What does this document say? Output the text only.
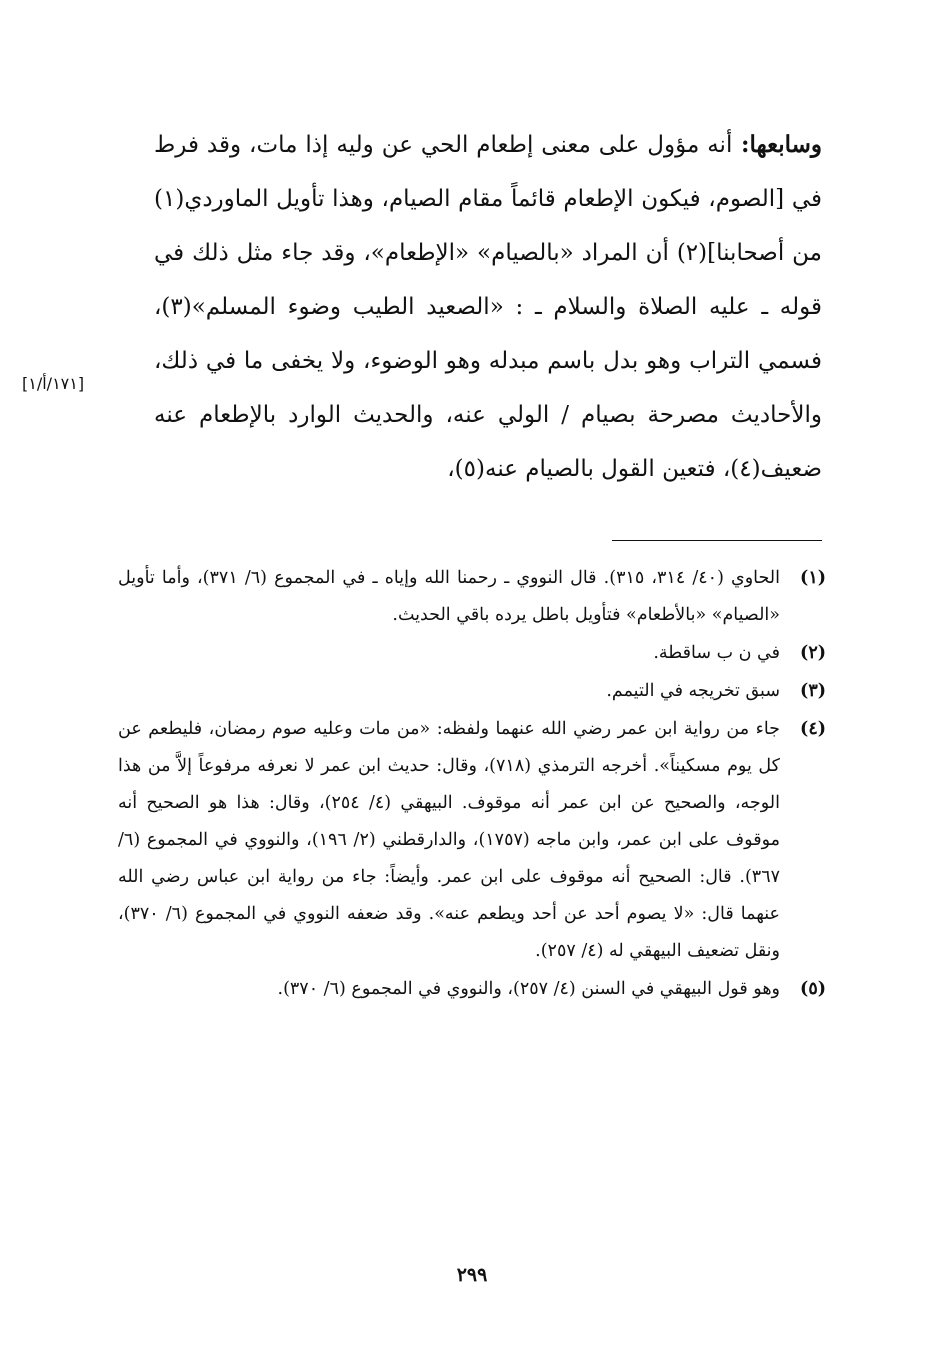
وسابعها: أنه مؤول على معنى إطعام الحي عن وليه إذا مات، وقد فرط في [الصوم، فيكون الإطعام قائماً مقام الصيام، وهذا تأويل الماوردي(١) من أصحابنا](٢) أن المراد «بالصيام» «الإطعام»، وقد جاء مثل ذلك في قوله ـ عليه الصلاة والسلام ـ : «الصعيد الطيب وضوء المسلم»(٣)، فسمي التراب وهو بدل باسم مبدله وهو الوضوء، ولا يخفى ما في ذلك، والأحاديث مصرحة بصيام / الولي عنه، والحديث الوارد بالإطعام عنه ضعيف(٤)، فتعين القول بالصيام عنه(٥)،
[١٧١/أ/١]
(١)
الحاوي (٤٠/ ٣١٤، ٣١٥). قال النووي ـ رحمنا الله وإياه ـ في المجموع (٦/ ٣٧١)، وأما تأويل «الصيام» «بالأطعام» فتأويل باطل يرده باقي الحديث.
(٢)
في ن ب ساقطة.
(٣)
سبق تخريجه في التيمم.
(٤)
جاء من رواية ابن عمر رضي الله عنهما ولفظه: «من مات وعليه صوم رمضان، فليطعم عن كل يوم مسكيناً». أخرجه الترمذي (٧١٨)، وقال: حديث ابن عمر لا نعرفه مرفوعاً إلاَّ من هذا الوجه، والصحيح عن ابن عمر أنه موقوف. البيهقي (٤/ ٢٥٤)، وقال: هذا هو الصحيح أنه موقوف على ابن عمر، وابن ماجه (١٧٥٧)، والدارقطني (٢/ ١٩٦)، والنووي في المجموع (٦/ ٣٦٧). قال: الصحيح أنه موقوف على ابن عمر. وأيضاً: جاء من رواية ابن عباس رضي الله عنهما قال: «لا يصوم أحد عن أحد ويطعم عنه». وقد ضعفه النووي في المجموع (٦/ ٣٧٠)، ونقل تضعيف البيهقي له (٤/ ٢٥٧).
(٥)
وهو قول البيهقي في السنن (٤/ ٢٥٧)، والنووي في المجموع (٦/ ٣٧٠).
٢٩٩
